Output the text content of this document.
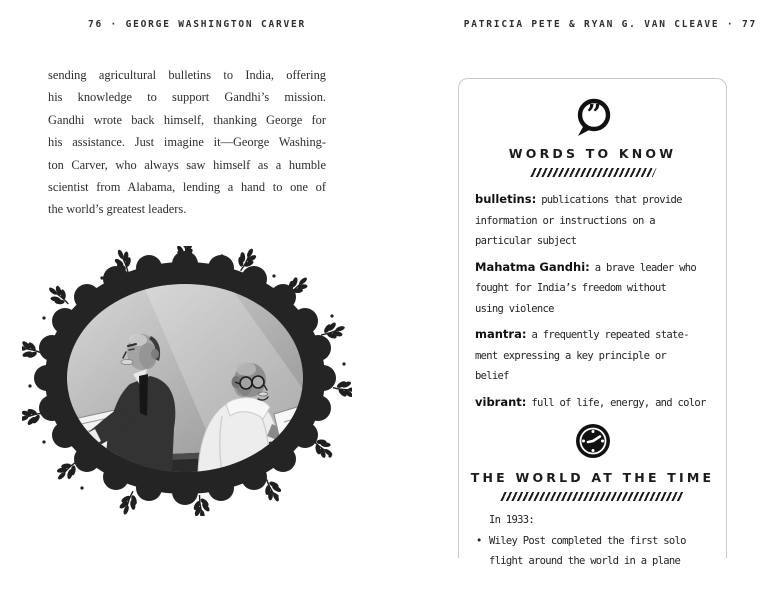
76 · GEORGE WASHINGTON CARVER	PATRICIA PETE & RYAN G. VAN CLEAVE · 77
sending agricultural bulletins to India, offering
his knowledge to support Gandhi’s mission.
Gandhi wrote back himself, thanking George for
his assistance. Just imagine it—George Washing-
ton Carver, who always saw himself as a humble
scientist from Alabama, lending a hand to one of
the world’s greatest leaders.
”
WORDS TO KNOW
bulletins: publications that provide
information or instructions on a
particular subject
Mahatma Gandhi: a brave leader who
fought for India’s freedom without
using violence
mantra: a frequently repeated state-
ment expressing a key principle or
belief
vibrant: full of life, energy, and color
THE WORLD AT THE TIME
In 1933:
• Wiley Post completed the first solo
flight around the world in a plane
